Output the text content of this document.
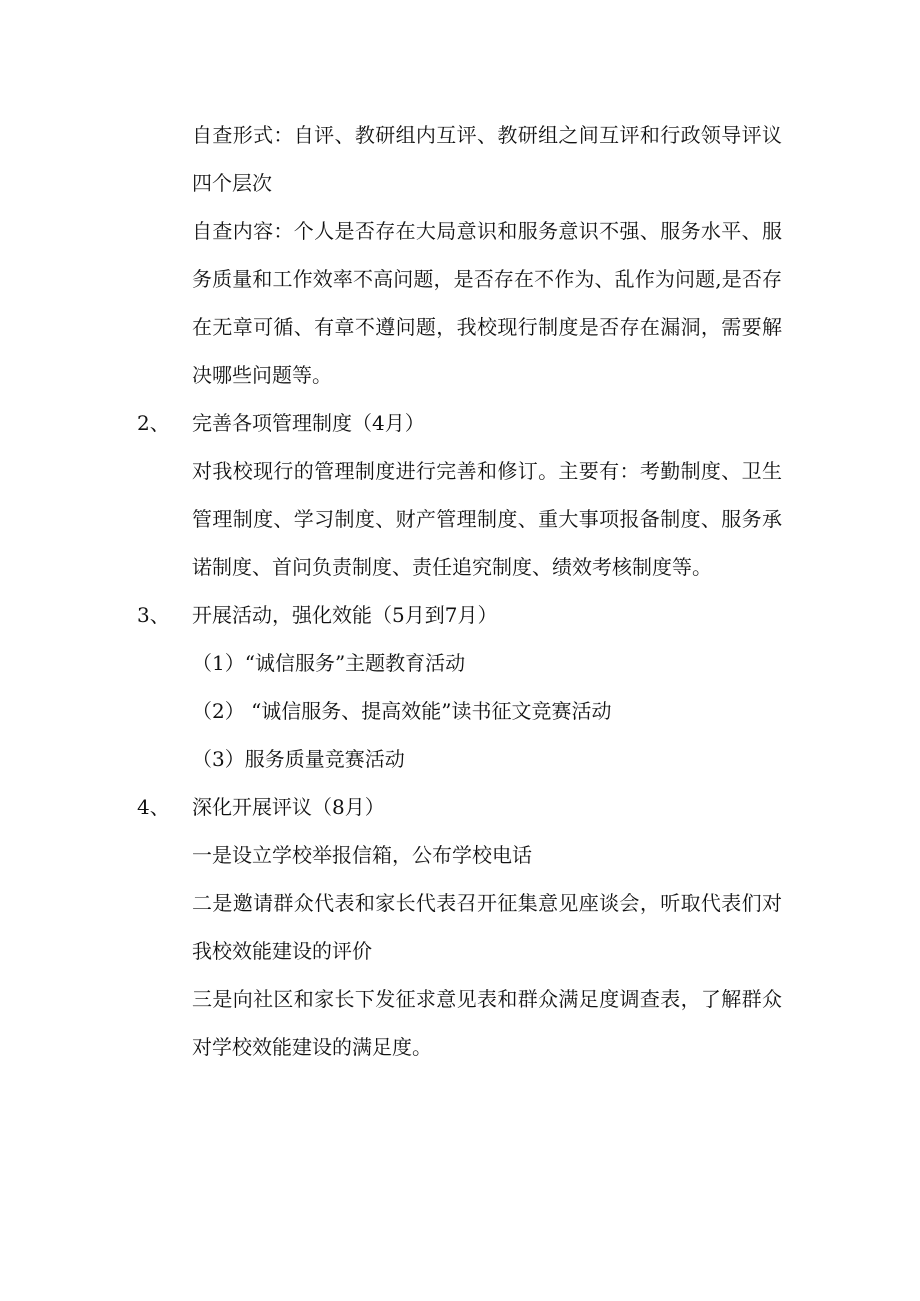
自查形式：自评、教研组内互评、教研组之间互评和行政领导评议
四个层次
自查内容：个人是否存在大局意识和服务意识不强、服务水平、服
务质量和工作效率不高问题，是否存在不作为、乱作为问题,是否存
在无章可循、有章不遵问题，我校现行制度是否存在漏洞，需要解
决哪些问题等。
2、 完善各项管理制度（4月）
对我校现行的管理制度进行完善和修订。主要有：考勤制度、卫生
管理制度、学习制度、财产管理制度、重大事项报备制度、服务承
诺制度、首问负责制度、责任追究制度、绩效考核制度等。
3、 开展活动，强化效能（5月到7月）
（1）“诚信服务”主题教育活动
（2） “诚信服务、提高效能”读书征文竞赛活动
（3）服务质量竞赛活动
4、 深化开展评议（8月）
一是设立学校举报信箱，公布学校电话
二是邀请群众代表和家长代表召开征集意见座谈会，听取代表们对
我校效能建设的评价
三是向社区和家长下发征求意见表和群众满足度调查表，了解群众
对学校效能建设的满足度。
